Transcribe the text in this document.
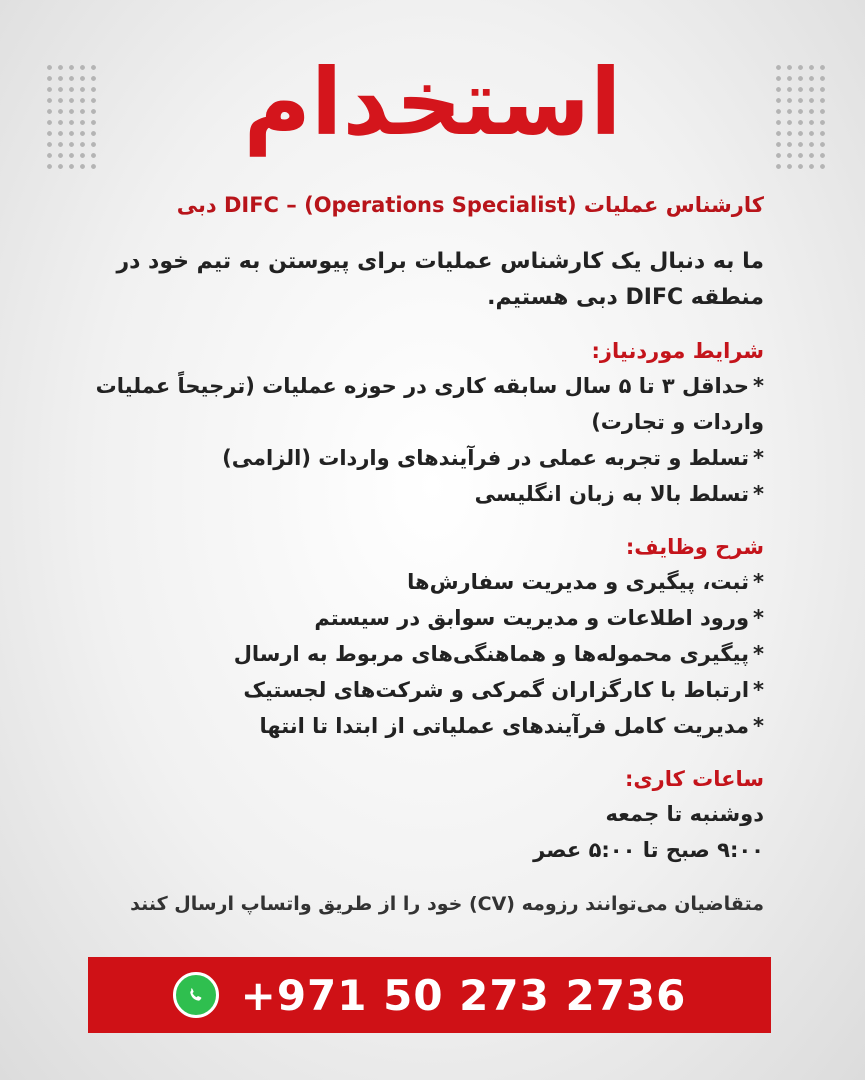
استخدام
کارشناس عملیات (Operations Specialist) – DIFC دبی
ما به دنبال یک کارشناس عملیات برای پیوستن به تیم خود در منطقه DIFC دبی هستیم.
شرایط موردنیاز:
*حداقل ۳ تا ۵ سال سابقه کاری در حوزه عملیات (ترجیحاً عملیات واردات و تجارت)
*تسلط و تجربه عملی در فرآیندهای واردات (الزامی)
*تسلط بالا به زبان انگلیسی
شرح وظایف:
*ثبت، پیگیری و مدیریت سفارش‌ها
*ورود اطلاعات و مدیریت سوابق در سیستم
*پیگیری محموله‌ها و هماهنگی‌های مربوط به ارسال
*ارتباط با کارگزاران گمرکی و شرکت‌های لجستیک
*مدیریت کامل فرآیندهای عملیاتی از ابتدا تا انتها
ساعات کاری:
دوشنبه تا جمعه
۹:۰۰ صبح تا ۵:۰۰ عصر
متقاضیان می‌توانند رزومه (CV) خود را از طریق واتساپ ارسال کنند
+971 50 273 2736
